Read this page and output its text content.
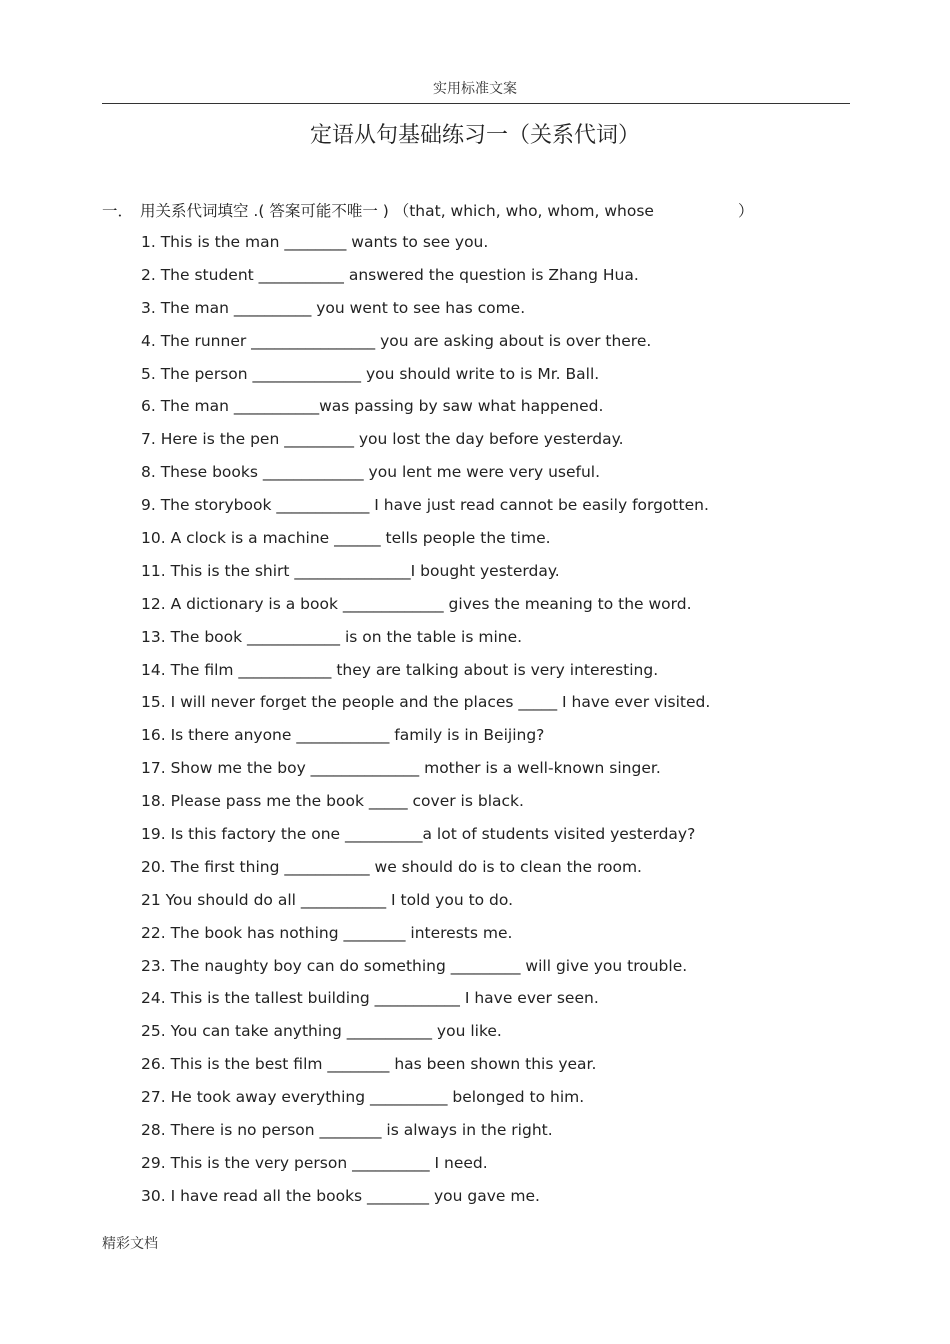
实用标准文案
定语从句基础练习一（关系代词）
一． 用关系代词填空 .( 答案可能不唯一 ) （that, which, who, whom, whose	）
1. This is the man ________ wants to see you.
2. The student ___________ answered the question is Zhang Hua.
3. The man __________ you went to see has come.
4. The runner ________________ you are asking about is over there.
5. The person ______________ you should write to is Mr. Ball.
6. The man ___________was passing by saw what happened.
7. Here is the pen _________ you lost the day before yesterday.
8. These books _____________ you lent me were very useful.
9. The storybook ____________ I have just read cannot be easily forgotten.
10. A clock is a machine ______ tells people the time.
11. This is the shirt _______________I bought yesterday.
12. A dictionary is a book _____________ gives the meaning to the word.
13. The book ____________ is on the table is mine.
14. The film ____________ they are talking about is very interesting.
15. I will never forget the people and the places _____ I have ever visited.
16. Is there anyone ____________ family is in Beijing?
17. Show me the boy ______________ mother is a well-known singer.
18. Please pass me the book _____ cover is black.
19. Is this factory the one __________a lot of students visited yesterday?
20. The first thing ___________ we should do is to clean the room.
21 You should do all ___________ I told you to do.
22. The book has nothing ________ interests me.
23. The naughty boy can do something _________ will give you trouble.
24. This is the tallest building ___________ I have ever seen.
25. You can take anything ___________ you like.
26. This is the best film ________ has been shown this year.
27. He took away everything __________ belonged to him.
28. There is no person ________ is always in the right.
29. This is the very person __________ I need.
30. I have read all the books ________ you gave me.
精彩文档
